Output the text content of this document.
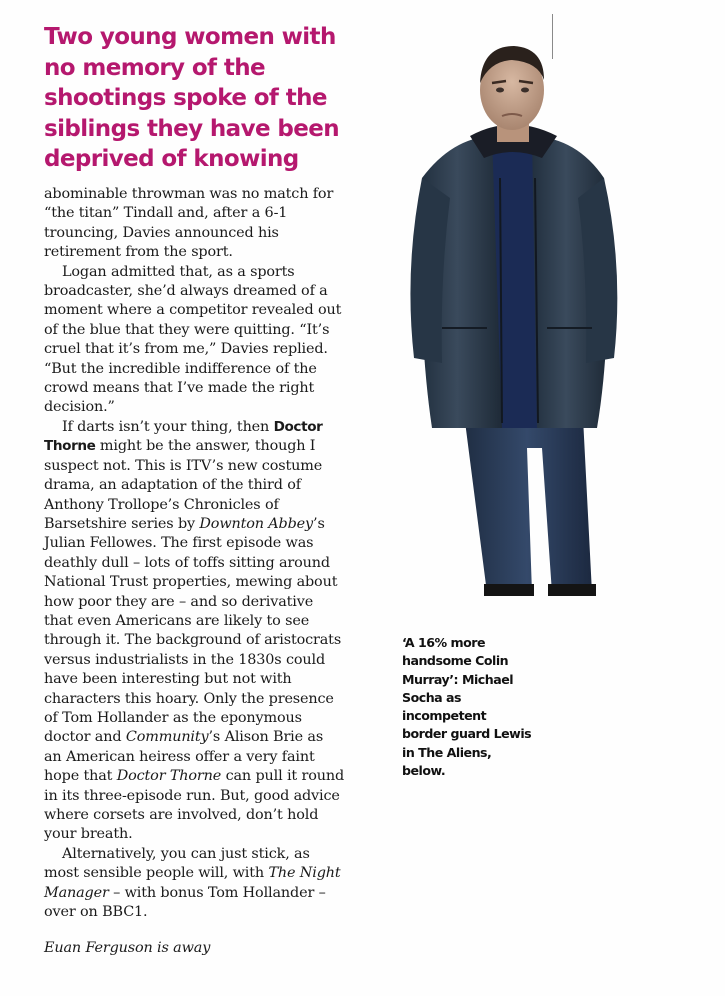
Two young women with no memory of the shootings spoke of the siblings they have been deprived of knowing

abominable throwman was no match for “the titan” Tindall and, after a 6-1 trouncing, Davies announced his retirement from the sport.

Logan admitted that, as a sports broadcaster, she’d always dreamed of a moment where a competitor revealed out of the blue that they were quitting. “It’s cruel that it’s from me,” Davies replied. “But the incredible indifference of the crowd means that I’ve made the right decision.”

If darts isn’t your thing, then Doctor Thorne might be the answer, though I suspect not. This is ITV’s new costume drama, an adaptation of the third of Anthony Trollope’s Chronicles of Barsetshire series by Downton Abbey’s Julian Fellowes. The first episode was deathly dull – lots of toffs sitting around National Trust properties, mewing about how poor they are – and so derivative that even Americans are likely to see through it. The background of aristocrats versus industrialists in the 1830s could have been interesting but not with characters this hoary. Only the presence of Tom Hollander as the eponymous doctor and Community’s Alison Brie as an American heiress offer a very faint hope that Doctor Thorne can pull it round in its three-episode run. But, good advice where corsets are involved, don’t hold your breath.

Alternatively, you can just stick, as most sensible people will, with The Night Manager – with bonus Tom Hollander – over on BBC1.

Euan Ferguson is away

‘A 16% more handsome Colin Murray’: Michael Socha as incompetent border guard Lewis in The Aliens, below.
